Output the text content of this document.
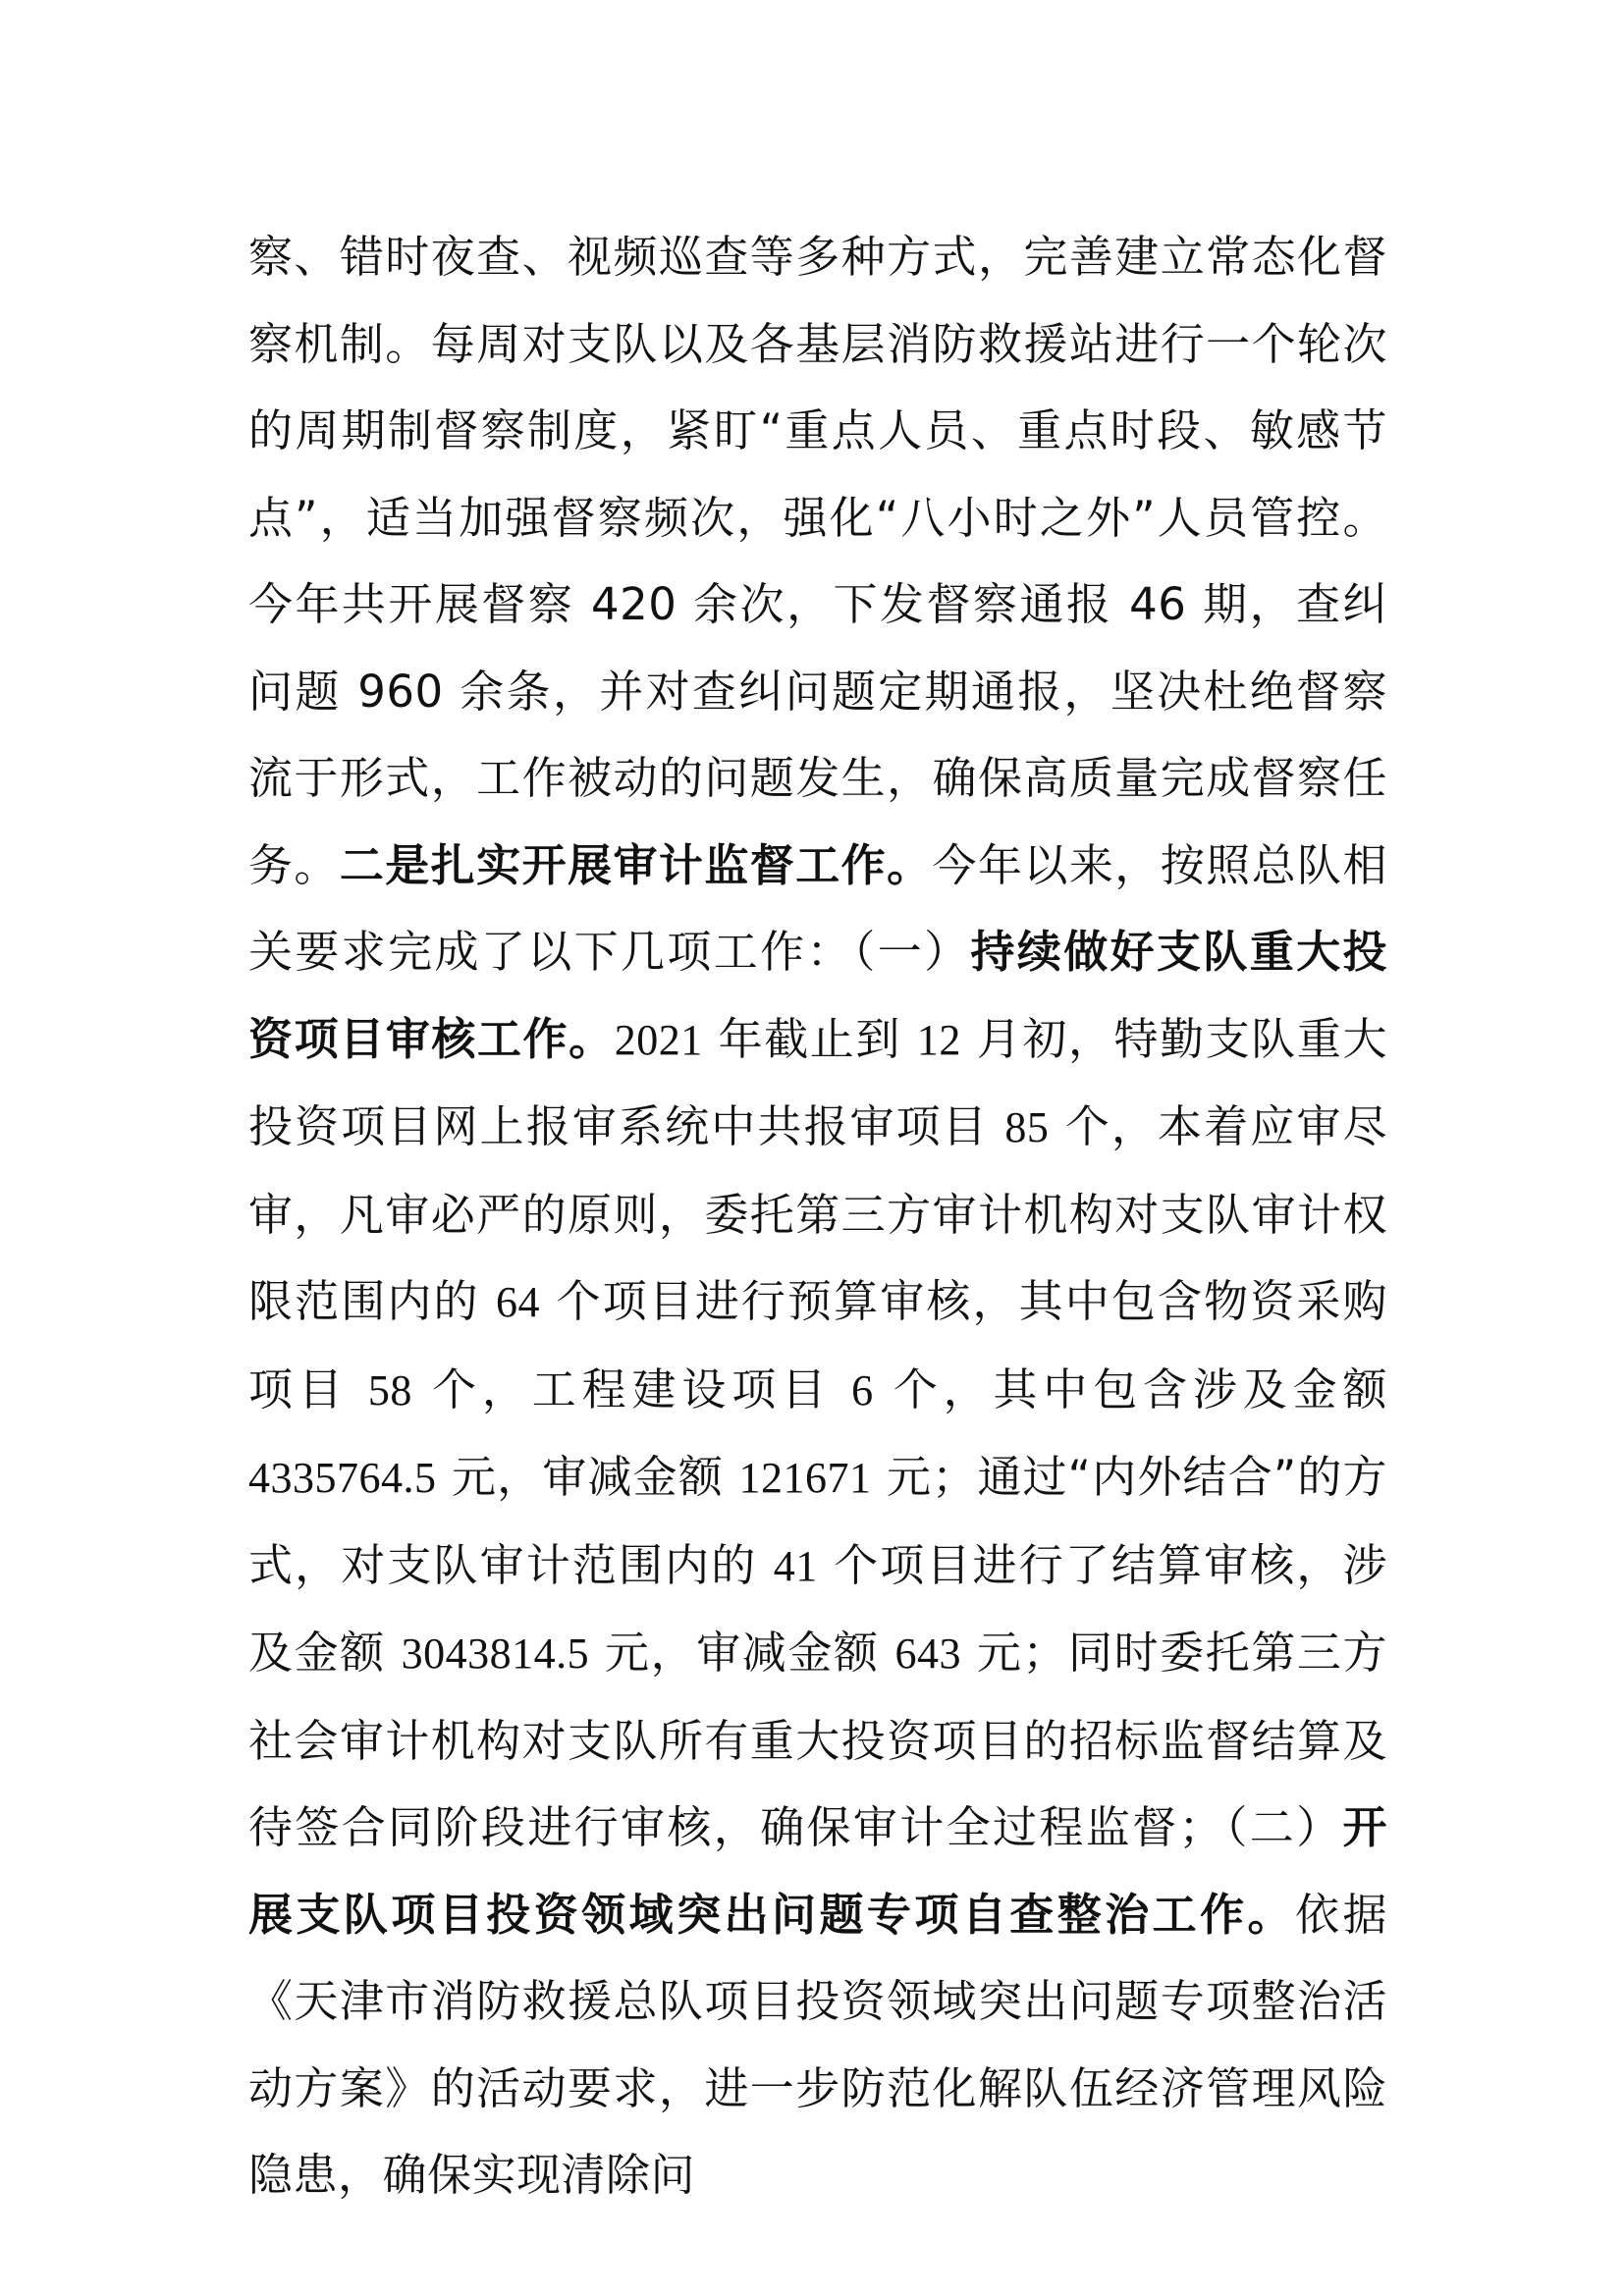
察、错时夜查、视频巡查等多种方式，完善建立常态化督察机制。每周对支队以及各基层消防救援站进行一个轮次的周期制督察制度，紧盯“重点人员、重点时段、敏感节点”，适当加强督察频次，强化“八小时之外”人员管控。今年共开展督察 420 余次，下发督察通报 46 期，查纠问题 960 余条，并对查纠问题定期通报，坚决杜绝督察流于形式，工作被动的问题发生，确保高质量完成督察任务。二是扎实开展审计监督工作。今年以来，按照总队相关要求完成了以下几项工作：（一）持续做好支队重大投资项目审核工作。2021 年截止到 12 月初，特勤支队重大投资项目网上报审系统中共报审项目 85 个，本着应审尽审，凡审必严的原则，委托第三方审计机构对支队审计权限范围内的 64 个项目进行预算审核，其中包含物资采购项目 58 个，工程建设项目 6 个，其中包含涉及金额 4335764.5 元，审减金额 121671 元；通过“内外结合”的方式，对支队审计范围内的 41 个项目进行了结算审核，涉及金额 3043814.5 元，审减金额 643 元；同时委托第三方社会审计机构对支队所有重大投资项目的招标监督结算及待签合同阶段进行审核，确保审计全过程监督；（二）开展支队项目投资领域突出问题专项自查整治工作。依据《天津市消防救援总队项目投资领域突出问题专项整治活动方案》的活动要求，进一步防范化解队伍经济管理风险隐患，确保实现清除问
